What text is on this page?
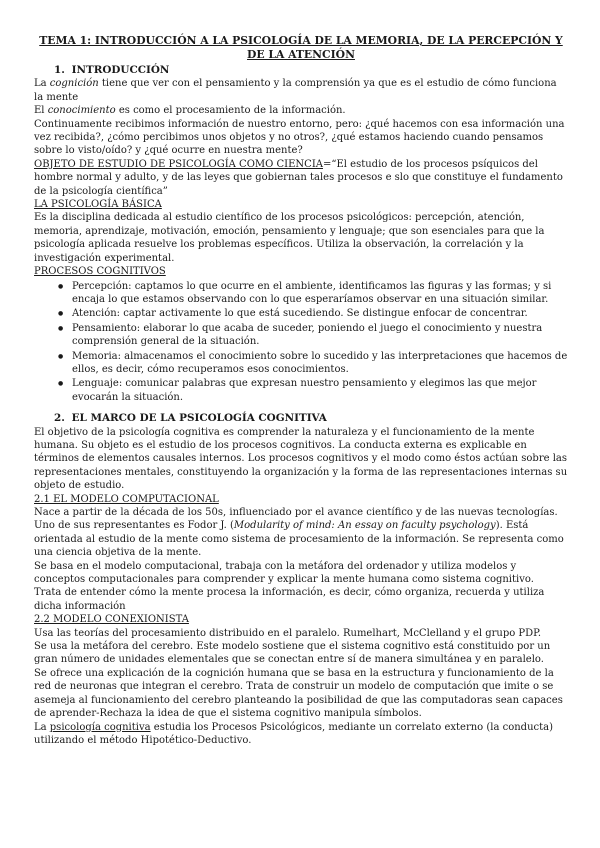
TEMA 1: INTRODUCCIÓN A LA PSICOLOGÍA DE LA MEMORIA, DE LA PERCEPCIÓN Y DE LA ATENCIÓN
1. INTRODUCCIÓN

La cognición tiene que ver con el pensamiento y la comprensión ya que es el estudio de cómo funciona la mente

El conocimiento es como el procesamiento de la información.

Continuamente recibimos información de nuestro entorno, pero: ¿qué hacemos con esa información una vez recibida?, ¿cómo percibimos unos objetos y no otros?, ¿qué estamos haciendo cuando pensamos sobre lo visto/oído? y ¿qué ocurre en nuestra mente?

OBJETO DE ESTUDIO DE PSICOLOGÍA COMO CIENCIA=“El estudio de los procesos psíquicos del hombre normal y adulto, y de las leyes que gobiernan tales procesos e slo que constituye el fundamento de la psicología científica”

LA PSICOLOGÍA BÁSICA

Es la disciplina dedicada al estudio científico de los procesos psicológicos: percepción, atención, memoria, aprendizaje, motivación, emoción, pensamiento y lenguaje; que son esenciales para que la psicología aplicada resuelve los problemas específicos. Utiliza la observación, la correlación y la investigación experimental.

PROCESOS COGNITIVOS

● Percepción: captamos lo que ocurre en el ambiente, identificamos las figuras y las formas; y si encaja lo que estamos observando con lo que esperaríamos observar en una situación similar.
● Atención: captar activamente lo que está sucediendo. Se distingue enfocar de concentrar.
● Pensamiento: elaborar lo que acaba de suceder, poniendo el juego el conocimiento y nuestra comprensión general de la situación.
● Memoria: almacenamos el conocimiento sobre lo sucedido y las interpretaciones que hacemos de ellos, es decir, cómo recuperamos esos conocimientos.
● Lenguaje: comunicar palabras que expresan nuestro pensamiento y elegimos las que mejor evocarán la situación.
2. EL MARCO DE LA PSICOLOGÍA COGNITIVA

El objetivo de la psicología cognitiva es comprender la naturaleza y el funcionamiento de la mente humana. Su objeto es el estudio de los procesos cognitivos. La conducta externa es explicable en términos de elementos causales internos. Los procesos cognitivos y el modo como éstos actúan sobre las representaciones mentales, constituyendo la organización y la forma de las representaciones internas su objeto de estudio.

2.1 EL MODELO COMPUTACIONAL

Nace a partir de la década de los 50s, influenciado por el avance científico y de las nuevas tecnologías. Uno de sus representantes es Fodor J. (Modularity of mind: An essay on faculty psychology). Está orientada al estudio de la mente como sistema de procesamiento de la información. Se representa como una ciencia objetiva de la mente.

Se basa en el modelo computacional, trabaja con la metáfora del ordenador y utiliza modelos y conceptos computacionales para comprender y explicar la mente humana como sistema cognitivo.

Trata de entender cómo la mente procesa la información, es decir, cómo organiza, recuerda y utiliza dicha información

2.2 MODELO CONEXIONISTA

Usa las teorías del procesamiento distribuido en el paralelo. Rumelhart, McClelland y el grupo PDP.

Se usa la metáfora del cerebro. Este modelo sostiene que el sistema cognitivo está constituido por un gran número de unidades elementales que se conectan entre sí de manera simultánea y en paralelo.

Se ofrece una explicación de la cognición humana que se basa en la estructura y funcionamiento de la red de neuronas que integran el cerebro. Trata de construir un modelo de computación que imite o se asemeja al funcionamiento del cerebro planteando la posibilidad de que las computadoras sean capaces de aprender-Rechaza la idea de que el sistema cognitivo manipula símbolos.

La psicología cognitiva estudia los Procesos Psicológicos, mediante un correlato externo (la conducta) utilizando el método Hipotético-Deductivo.
